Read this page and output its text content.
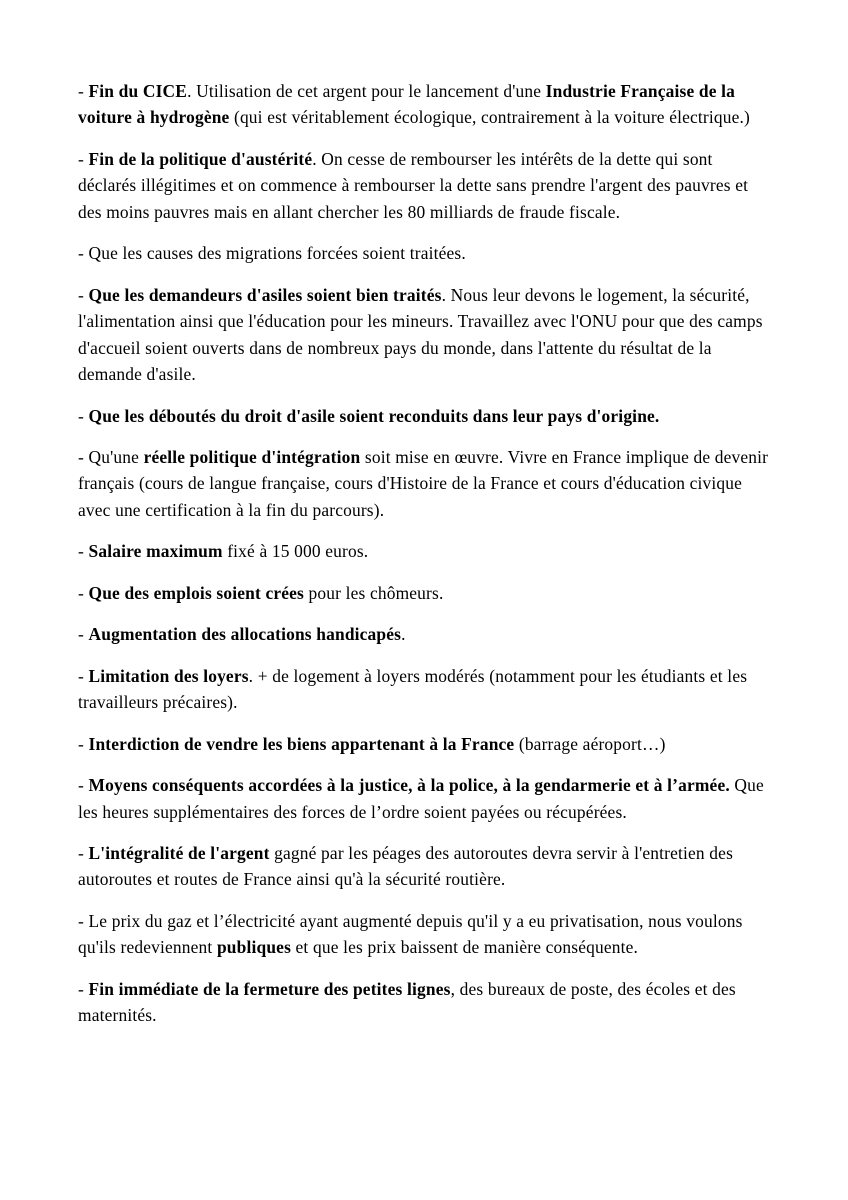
- Fin du CICE. Utilisation de cet argent pour le lancement d'une Industrie Française de la voiture à hydrogène (qui est véritablement écologique, contrairement à la voiture électrique.)

- Fin de la politique d'austérité. On cesse de rembourser les intérêts de la dette qui sont déclarés illégitimes et on commence à rembourser la dette sans prendre l'argent des pauvres et des moins pauvres mais en allant chercher les 80 milliards de fraude fiscale.

- Que les causes des migrations forcées soient traitées.

- Que les demandeurs d'asiles soient bien traités. Nous leur devons le logement, la sécurité, l'alimentation ainsi que l'éducation pour les mineurs. Travaillez avec l'ONU pour que des camps d'accueil soient ouverts dans de nombreux pays du monde, dans l'attente du résultat de la demande d'asile.

- Que les déboutés du droit d'asile soient reconduits dans leur pays d'origine.

- Qu'une réelle politique d'intégration soit mise en œuvre. Vivre en France implique de devenir français (cours de langue française, cours d'Histoire de la France et cours d'éducation civique avec une certification à la fin du parcours).

- Salaire maximum fixé à 15 000 euros.

- Que des emplois soient crées pour les chômeurs.

- Augmentation des allocations handicapés.

- Limitation des loyers. + de logement à loyers modérés (notamment pour les étudiants et les travailleurs précaires).

- Interdiction de vendre les biens appartenant à la France (barrage aéroport…)

- Moyens conséquents accordées à la justice, à la police, à la gendarmerie et à l’armée. Que les heures supplémentaires des forces de l’ordre soient payées ou récupérées.

- L'intégralité de l'argent gagné par les péages des autoroutes devra servir à l'entretien des autoroutes et routes de France ainsi qu'à la sécurité routière.

- Le prix du gaz et l’électricité ayant augmenté depuis qu'il y a eu privatisation, nous voulons qu'ils redeviennent publiques et que les prix baissent de manière conséquente.

- Fin immédiate de la fermeture des petites lignes, des bureaux de poste, des écoles et des maternités.
